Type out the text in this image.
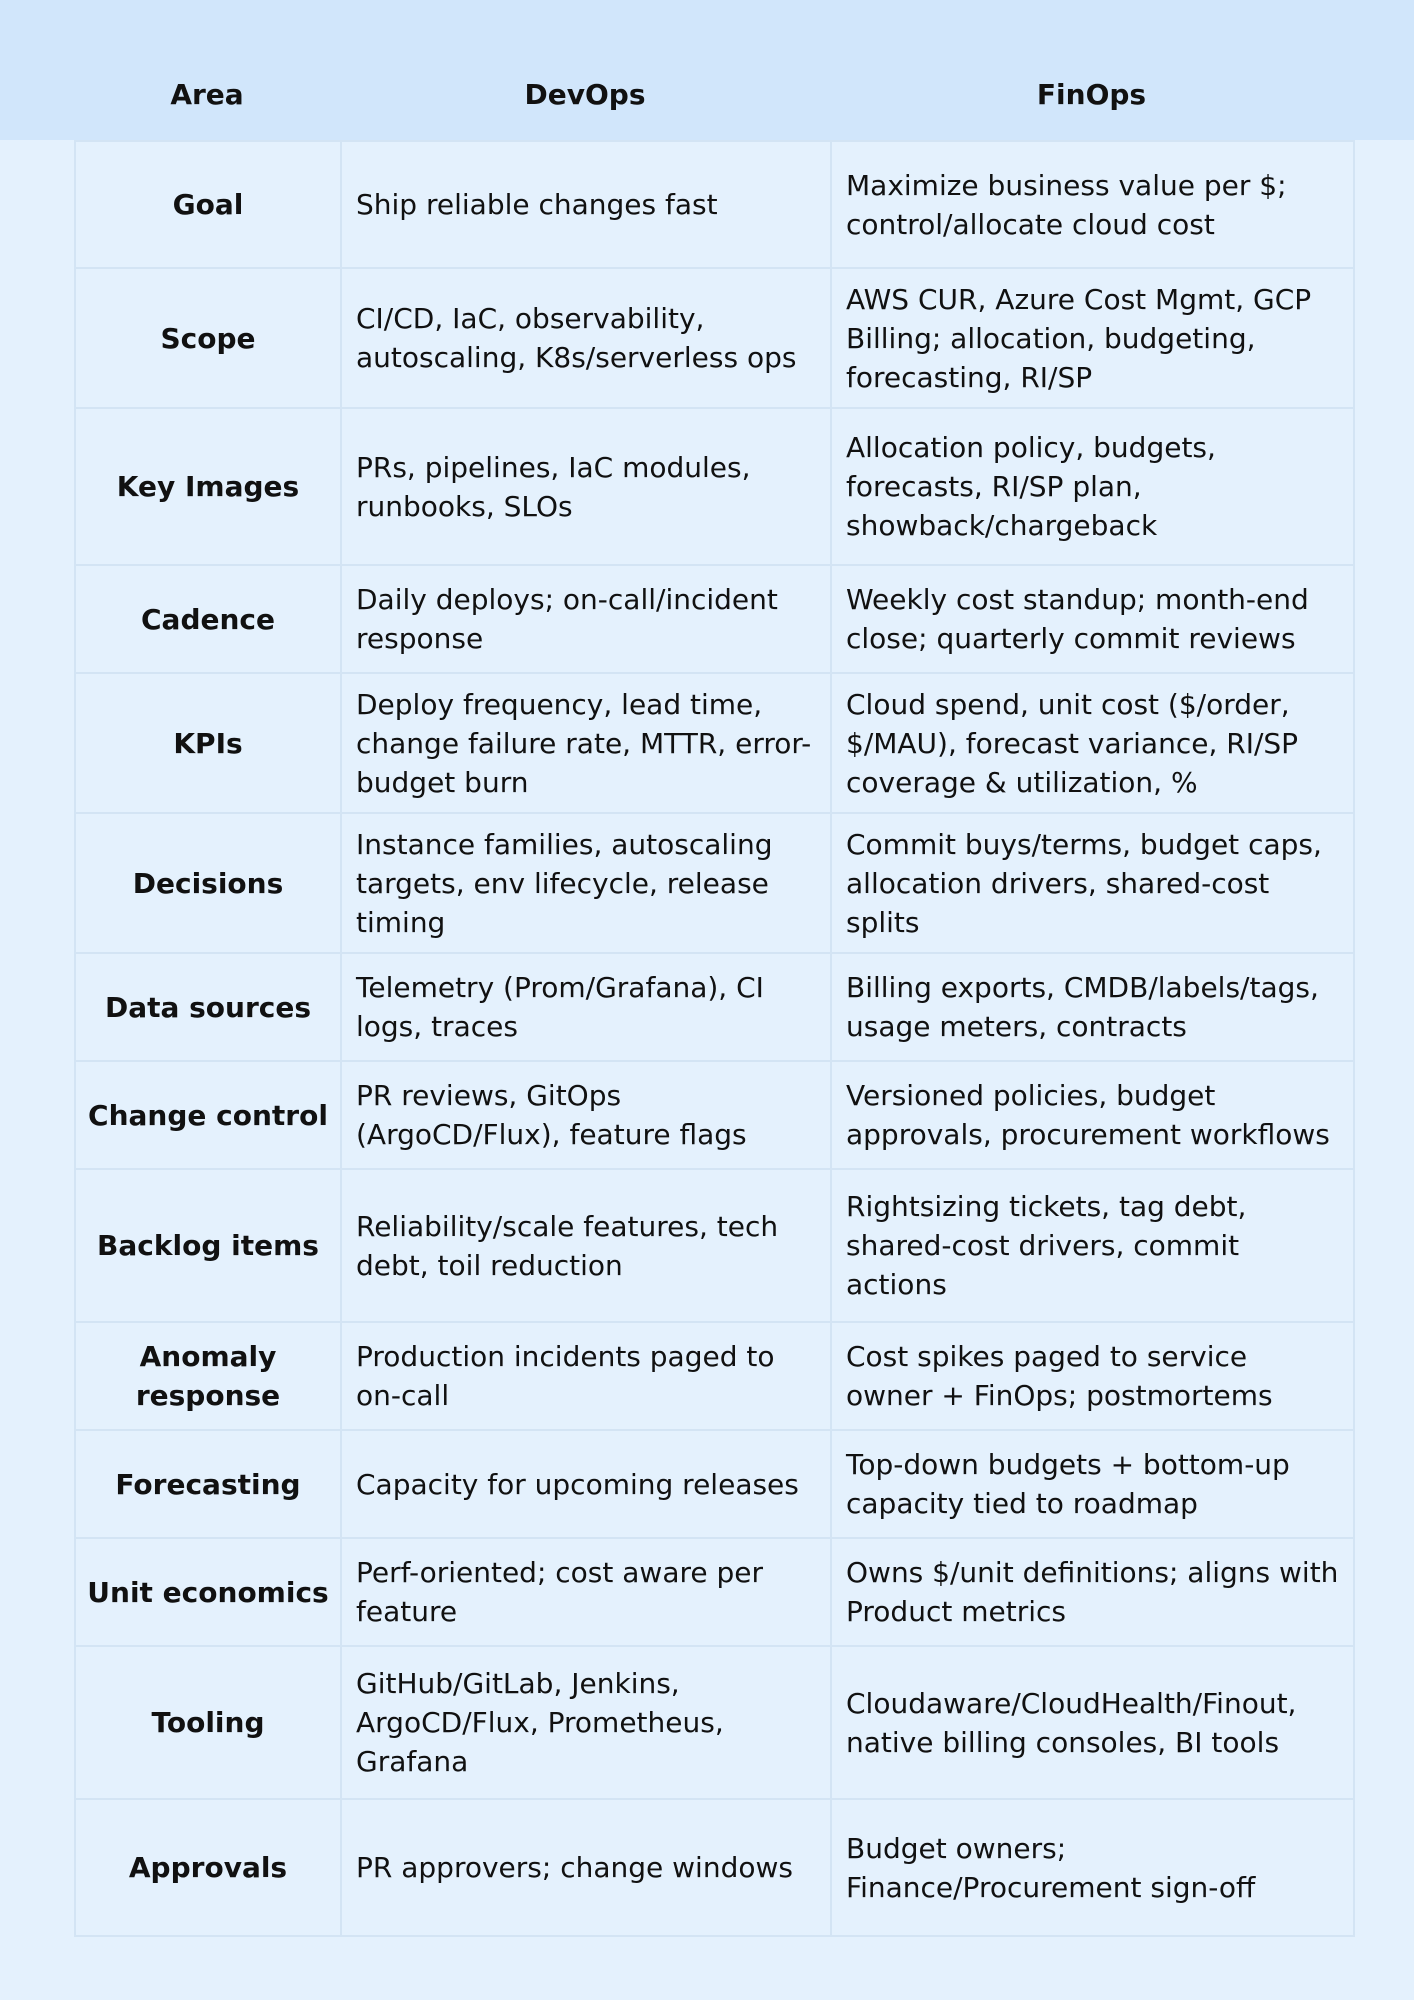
Area	DevOps	FinOps
Goal	Ship reliable changes fast	Maximize business value per $; control/allocate cloud cost
Scope	CI/CD, IaC, observability, autoscaling, K8s/serverless ops	AWS CUR, Azure Cost Mgmt, GCP Billing; allocation, budgeting, forecasting, RI/SP
Key Images	PRs, pipelines, IaC modules, runbooks, SLOs	Allocation policy, budgets, forecasts, RI/SP plan, showback/chargeback
Cadence	Daily deploys; on-call/incident response	Weekly cost standup; month-end close; quarterly commit reviews
KPIs	Deploy frequency, lead time, change failure rate, MTTR, error-budget burn	Cloud spend, unit cost ($/order, $/MAU), forecast variance, RI/SP coverage & utilization, %
Decisions	Instance families, autoscaling targets, env lifecycle, release timing	Commit buys/terms, budget caps, allocation drivers, shared-cost splits
Data sources	Telemetry (Prom/Grafana), CI logs, traces	Billing exports, CMDB/labels/tags, usage meters, contracts
Change control	PR reviews, GitOps (ArgoCD/Flux), feature flags	Versioned policies, budget approvals, procurement workflows
Backlog items	Reliability/scale features, tech debt, toil reduction	Rightsizing tickets, tag debt, shared-cost drivers, commit actions
Anomaly response	Production incidents paged to on-call	Cost spikes paged to service owner + FinOps; postmortems
Forecasting	Capacity for upcoming releases	Top-down budgets + bottom-up capacity tied to roadmap
Unit economics	Perf-oriented; cost aware per feature	Owns $/unit definitions; aligns with Product metrics
Tooling	GitHub/GitLab, Jenkins, ArgoCD/Flux, Prometheus, Grafana	Cloudaware/CloudHealth/Finout, native billing consoles, BI tools
Approvals	PR approvers; change windows	Budget owners; Finance/Procurement sign-off
